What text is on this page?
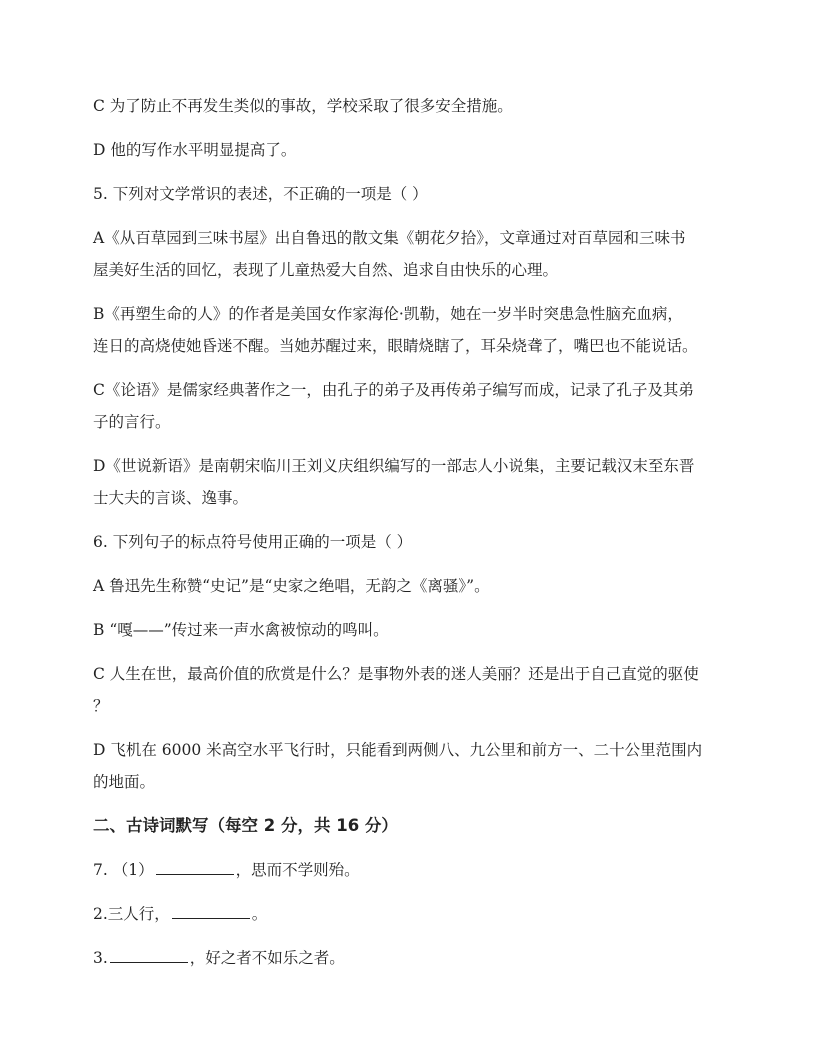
C 为了防止不再发生类似的事故，学校采取了很多安全措施。

D 他的写作水平明显提高了。

5. 下列对文学常识的表述，不正确的一项是（ ）

A《从百草园到三味书屋》出自鲁迅的散文集《朝花夕拾》，文章通过对百草园和三味书

屋美好生活的回忆，表现了儿童热爱大自然、追求自由快乐的心理。

B《再塑生命的人》的作者是美国女作家海伦·凯勒，她在一岁半时突患急性脑充血病，

连日的高烧使她昏迷不醒。当她苏醒过来，眼睛烧瞎了，耳朵烧聋了，嘴巴也不能说话。

C《论语》是儒家经典著作之一，由孔子的弟子及再传弟子编写而成，记录了孔子及其弟

子的言行。

D《世说新语》是南朝宋临川王刘义庆组织编写的一部志人小说集，主要记载汉末至东晋

士大夫的言谈、逸事。

6. 下列句子的标点符号使用正确的一项是（ ）

A 鲁迅先生称赞“史记”是“史家之绝唱，无韵之《离骚》”。

B “嘎——”传过来一声水禽被惊动的鸣叫。

C 人生在世，最高价值的欣赏是什么？是事物外表的迷人美丽？还是出于自己直觉的驱使

？

D 飞机在 6000 米高空水平飞行时，只能看到两侧八、九公里和前方一、二十公里范围内

的地面。

二、古诗词默写（每空 2 分，共 16 分）

7. （1）	，思而不学则殆。

2.三人行，	。

3.	，好之者不如乐之者。
